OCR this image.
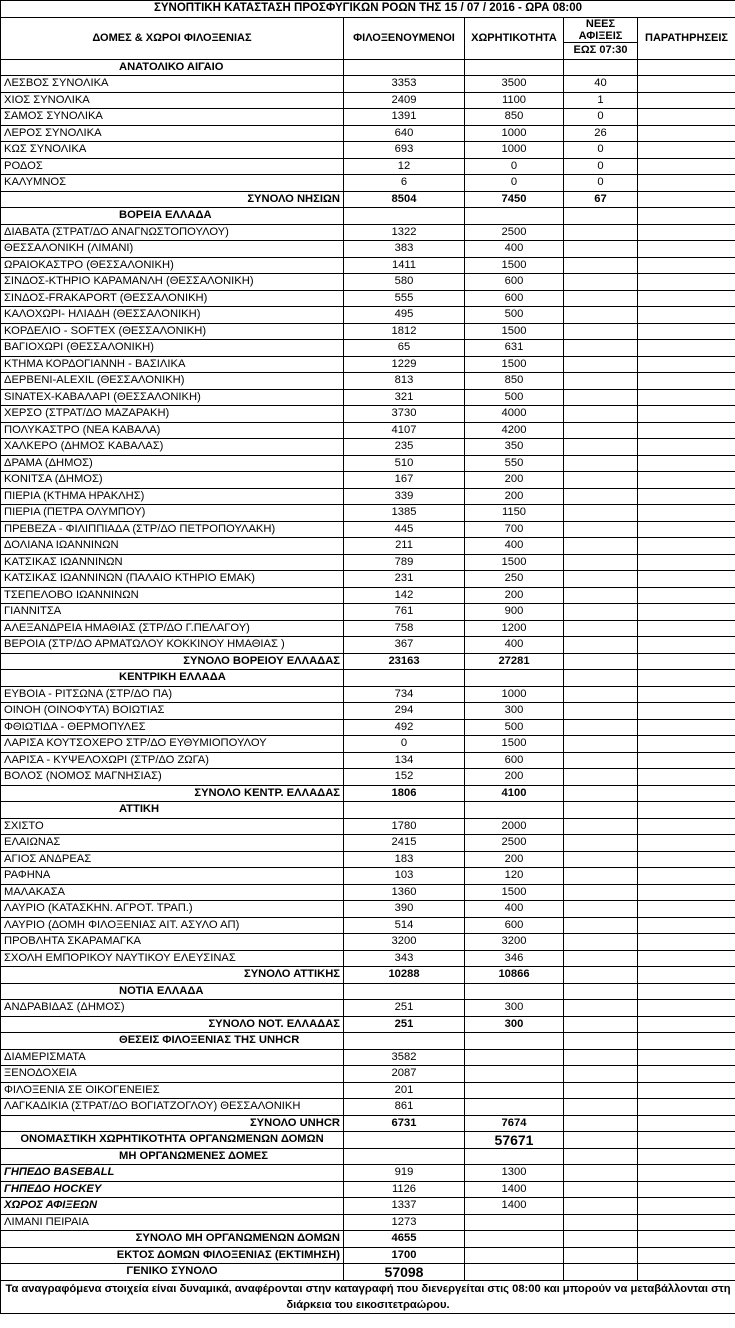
ΣΥΝΟΠΤΙΚΗ ΚΑΤΑΣΤΑΣΗ ΠΡΟΣΦΥΓΙΚΩΝ ΡΟΩΝ ΤΗΣ 15 / 07 / 2016 - ΩΡΑ 08:00				
ΔΟΜΕΣ & ΧΩΡΟΙ ΦΙΛΟΞΕΝΙΑΣ	ΦΙΛΟΞΕΝΟΥΜΕΝΟΙ	ΧΩΡΗΤΙΚΟΤΗΤΑ	ΝΕΕΣ ΑΦΙΞΕΙΣ	ΠΑΡΑΤΗΡΗΣΕΙΣ
			ΕΩΣ 07:30	
ΑΝΑΤΟΛΙΚΟ ΑΙΓΑΙΟ				
ΛΕΣΒΟΣ ΣΥΝΟΛΙΚΑ	3353	3500	40	
ΧΙΟΣ ΣΥΝΟΛΙΚΑ	2409	1100	1	
ΣΑΜΟΣ ΣΥΝΟΛΙΚΑ	1391	850	0	
ΛΕΡΟΣ ΣΥΝΟΛΙΚΑ	640	1000	26	
ΚΩΣ ΣΥΝΟΛΙΚΑ	693	1000	0	
ΡΟΔΟΣ	12	0	0	
ΚΑΛΥΜΝΟΣ	6	0	0	
ΣΥΝΟΛΟ ΝΗΣΙΩΝ	8504	7450	67	
ΒΟΡΕΙΑ ΕΛΛΑΔΑ				
ΔΙΑΒΑΤΑ (ΣΤΡΑΤ/ΔΟ ΑΝΑΓΝΩΣΤΟΠΟΥΛΟΥ)	1322	2500		
ΘΕΣΣΑΛΟΝΙΚΗ (ΛΙΜΑΝΙ)	383	400		
ΩΡΑΙΟΚΑΣΤΡΟ (ΘΕΣΣΑΛΟΝΙΚΗ)	1411	1500		
ΣΙΝΔΟΣ-ΚΤΗΡΙΟ ΚΑΡΑΜΑΝΛΗ (ΘΕΣΣΑΛΟΝΙΚΗ)	580	600		
ΣΙΝΔΟΣ-FRAKAPORT (ΘΕΣΣΑΛΟΝΙΚΗ)	555	600		
ΚΑΛΟΧΩΡΙ- ΗΛΙΑΔΗ (ΘΕΣΣΑΛΟΝΙΚΗ)	495	500		
ΚΟΡΔΕΛΙΟ - SOFTEX (ΘΕΣΣΑΛΟΝΙΚΗ)	1812	1500		
ΒΑΓΙΟΧΩΡΙ (ΘΕΣΣΑΛΟΝΙΚΗ)	65	631		
ΚΤΗΜΑ ΚΟΡΔΟΓΙΑΝΝΗ - ΒΑΣΙΛΙΚΑ	1229	1500		
ΔΕΡΒΕΝΙ-ALEXIL (ΘΕΣΣΑΛΟΝΙΚΗ)	813	850		
SINATEX-ΚΑΒΑΛΑΡΙ (ΘΕΣΣΑΛΟΝΙΚΗ)	321	500		
ΧΕΡΣΟ (ΣΤΡΑΤ/ΔΟ ΜΑΖΑΡΑΚΗ)	3730	4000		
ΠΟΛΥΚΑΣΤΡΟ (ΝΕΑ ΚΑΒΑΛΑ)	4107	4200		
ΧΑΛΚΕΡΟ (ΔΗΜΟΣ ΚΑΒΑΛΑΣ)	235	350		
ΔΡΑΜΑ (ΔΗΜΟΣ)	510	550		
ΚΟΝΙΤΣΑ (ΔΗΜΟΣ)	167	200		
ΠΙΕΡΙΑ (ΚΤΗΜΑ ΗΡΑΚΛΗΣ)	339	200		
ΠΙΕΡΙΑ (ΠΕΤΡΑ ΟΛΥΜΠΟΥ)	1385	1150		
ΠΡΕΒΕΖΑ - ΦΙΛΙΠΠΙΑΔΑ (ΣΤΡ/ΔΟ ΠΕΤΡΟΠΟΥΛΑΚΗ)	445	700		
ΔΟΛΙΑΝΑ ΙΩΑΝΝΙΝΩΝ	211	400		
ΚΑΤΣΙΚΑΣ ΙΩΑΝΝΙΝΩΝ	789	1500		
ΚΑΤΣΙΚΑΣ ΙΩΑΝΝΙΝΩΝ (ΠΑΛΑΙΟ ΚΤΗΡΙΟ ΕΜΑΚ)	231	250		
ΤΣΕΠΕΛΟΒΟ ΙΩΑΝΝΙΝΩΝ	142	200		
ΓΙΑΝΝΙΤΣΑ	761	900		
ΑΛΕΞΑΝΔΡΕΙΑ ΗΜΑΘΙΑΣ (ΣΤΡ/ΔΟ Γ.ΠΕΛΑΓΟΥ)	758	1200		
ΒΕΡΟΙΑ (ΣΤΡ/ΔΟ ΑΡΜΑΤΩΛΟΥ ΚΟΚΚΙΝΟΥ ΗΜΑΘΙΑΣ )	367	400		
ΣΥΝΟΛΟ ΒΟΡΕΙΟΥ ΕΛΛΑΔΑΣ	23163	27281		
ΚΕΝΤΡΙΚΗ ΕΛΛΑΔΑ				
ΕΥΒΟΙΑ - ΡΙΤΣΩΝΑ (ΣΤΡ/ΔΟ ΠΑ)	734	1000		
ΟΙΝΟΗ (ΟΙΝΟΦΥΤΑ) ΒΟΙΩΤΙΑΣ	294	300		
ΦΘΙΩΤΙΔΑ - ΘΕΡΜΟΠΥΛΕΣ	492	500		
ΛΑΡΙΣΑ ΚΟΥΤΣΟΧΕΡΟ ΣΤΡ/ΔΟ ΕΥΘΥΜΙΟΠΟΥΛΟΥ	0	1500		
ΛΑΡΙΣΑ - ΚΥΨΕΛΟΧΩΡΙ (ΣΤΡ/ΔΟ ΖΩΓΑ)	134	600		
ΒΟΛΟΣ (ΝΟΜΟΣ ΜΑΓΝΗΣΙΑΣ)	152	200		
ΣΥΝΟΛΟ ΚΕΝΤΡ. ΕΛΛΑΔΑΣ	1806	4100		
ΑΤΤΙΚΗ				
ΣΧΙΣΤΟ	1780	2000		
ΕΛΑΙΩΝΑΣ	2415	2500		
ΑΓΙΟΣ ΑΝΔΡΕΑΣ	183	200		
ΡΑΦΗΝΑ	103	120		
ΜΑΛΑΚΑΣΑ	1360	1500		
ΛΑΥΡΙΟ (ΚΑΤΑΣΚΗΝ. ΑΓΡΟΤ. ΤΡΑΠ.)	390	400		
ΛΑΥΡΙΟ (ΔΟΜΗ ΦΙΛΟΞΕΝΙΑΣ ΑΙΤ. ΑΣΥΛΟ ΑΠ)	514	600		
ΠΡΟΒΛΗΤΑ ΣΚΑΡΑΜΑΓΚΑ	3200	3200		
ΣΧΟΛΗ ΕΜΠΟΡΙΚΟΥ ΝΑΥΤΙΚΟΥ ΕΛΕΥΣΙΝΑΣ	343	346		
ΣΥΝΟΛΟ ΑΤΤΙΚΗΣ	10288	10866		
ΝΟΤΙΑ ΕΛΛΑΔΑ				
ΑΝΔΡΑΒΙΔΑΣ (ΔΗΜΟΣ)	251	300		
ΣΥΝΟΛΟ ΝΟΤ. ΕΛΛΑΔΑΣ	251	300		
ΘΕΣΕΙΣ ΦΙΛΟΞΕΝΙΑΣ ΤΗΣ UNHCR				
ΔΙΑΜΕΡΙΣΜΑΤΑ	3582			
ΞΕΝΟΔΟΧΕΙΑ	2087			
ΦΙΛΟΞΕΝΙΑ ΣΕ ΟΙΚΟΓΕΝΕΙΕΣ	201			
ΛΑΓΚΑΔΙΚΙΑ (ΣΤΡΑΤ/ΔΟ ΒΟΓΙΑΤΖΟΓΛΟΥ) ΘΕΣΣΑΛΟΝΙΚΗ	861			
ΣΥΝΟΛΟ UNHCR	6731	7674		
ΟΝΟΜΑΣΤΙΚΗ ΧΩΡΗΤΙΚΟΤΗΤΑ ΟΡΓΑΝΩΜΕΝΩΝ ΔΟΜΩΝ		57671		
ΜΗ ΟΡΓΑΝΩΜΕΝΕΣ ΔΟΜΕΣ				
ΓΗΠΕΔΟ BASEBALL	919	1300		
ΓΗΠΕΔΟ HOCKEY	1126	1400		
ΧΩΡΟΣ ΑΦΙΞΕΩΝ	1337	1400		
ΛΙΜΑΝΙ ΠΕΙΡΑΙΑ	1273			
ΣΥΝΟΛΟ ΜΗ ΟΡΓΑΝΩΜΕΝΩΝ ΔΟΜΩΝ	4655			
ΕΚΤΟΣ ΔΟΜΩΝ ΦΙΛΟΞΕΝΙΑΣ (ΕΚΤΙΜΗΣΗ)	1700			
ΓΕΝΙΚΟ ΣΥΝΟΛΟ	57098			
Τα αναγραφόμενα στοιχεία είναι δυναμικά, αναφέρονται στην καταγραφή που διενεργείται στις 08:00 και μπορούν να μεταβάλλονται στη διάρκεια του εικοσιτετραώρου.				
